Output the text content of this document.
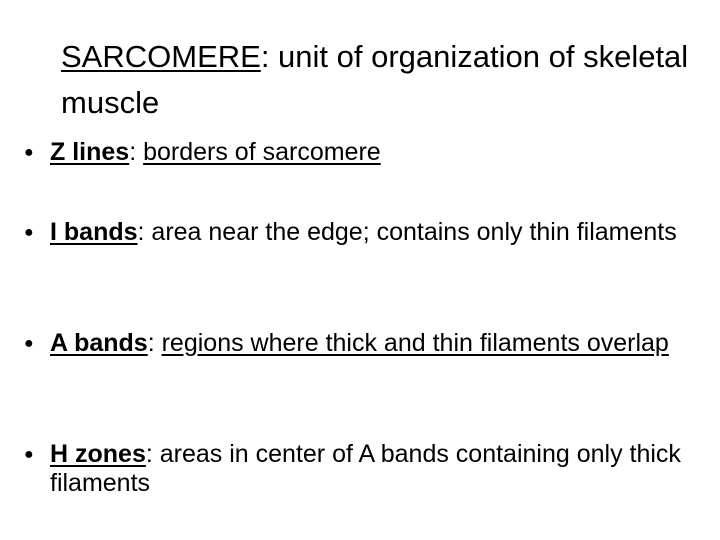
SARCOMERE: unit of organization of skeletal muscle
● Z lines: borders of sarcomere
● I bands: area near the edge; contains only thin filaments
● A bands: regions where thick and thin filaments overlap
● H zones: areas in center of A bands containing only thick filaments
